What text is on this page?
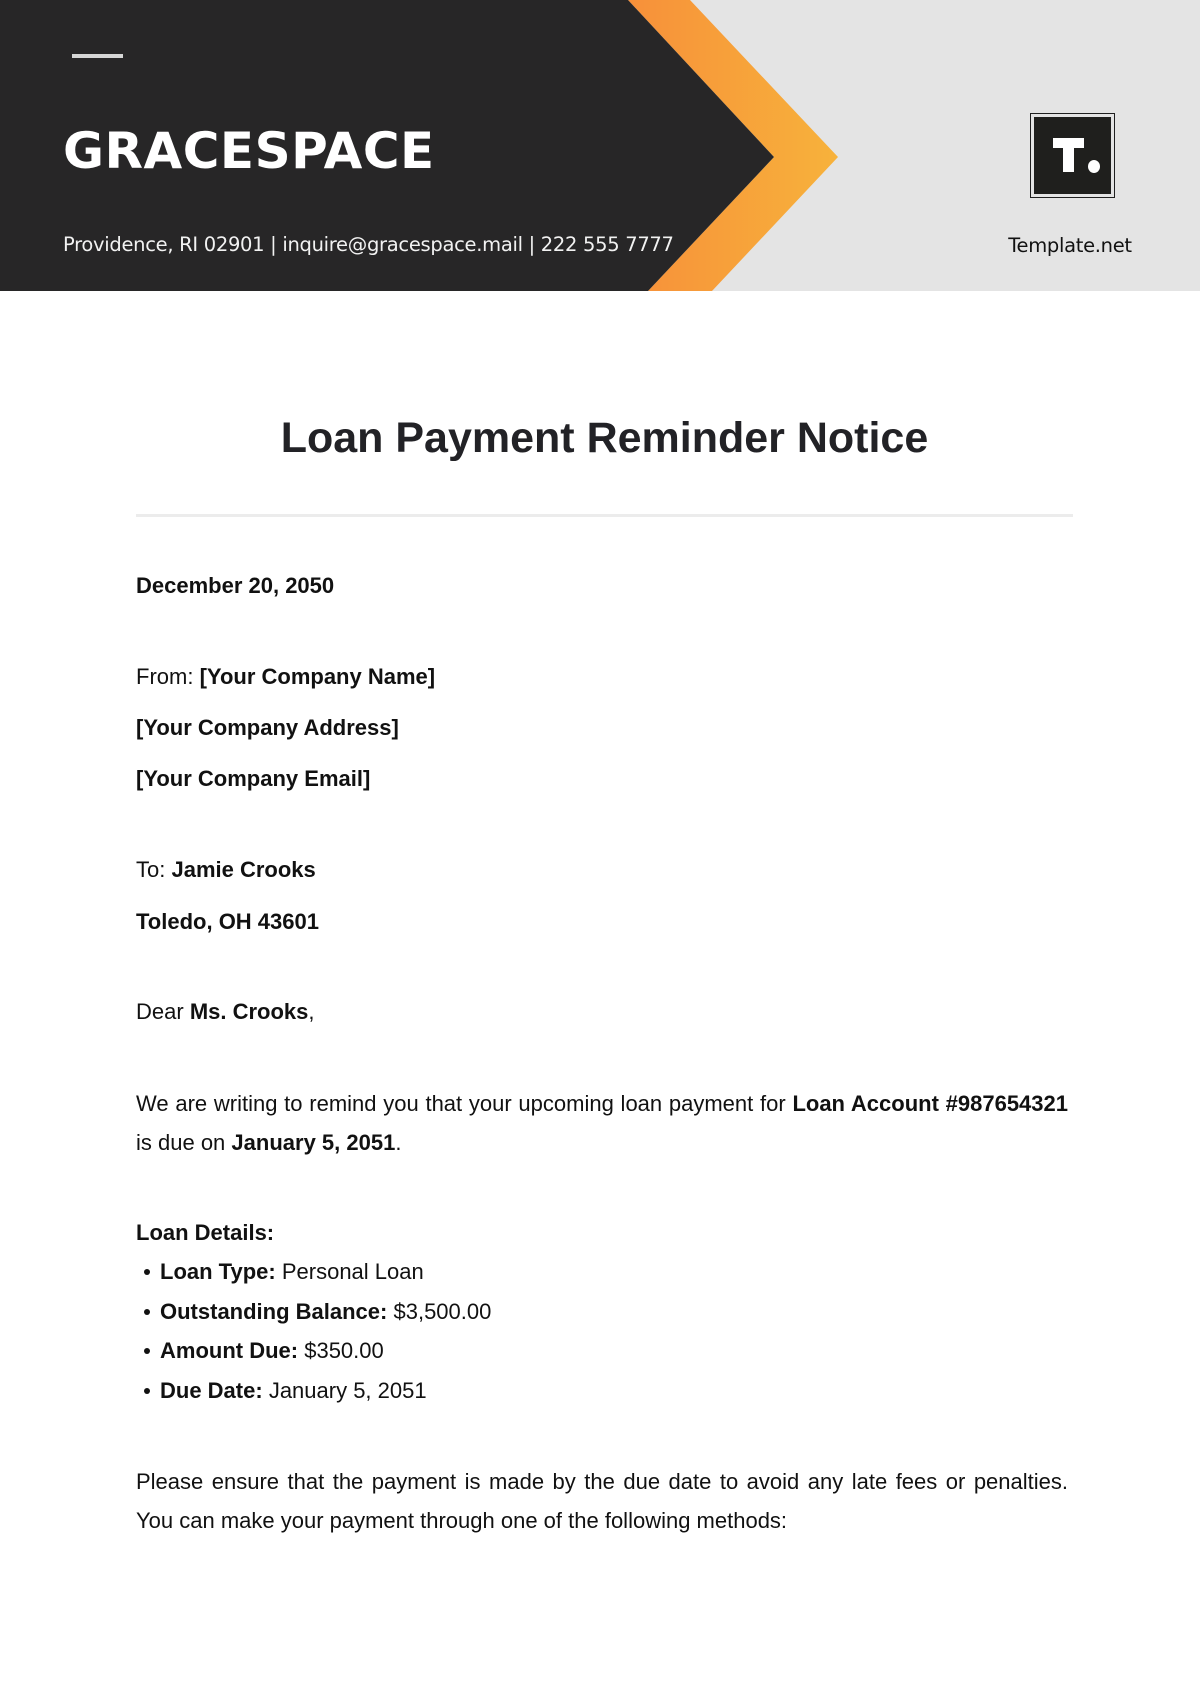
GRACESPACE
Providence, RI 02901 | inquire@gracespace.mail | 222 555 7777	Template.net
Loan Payment Reminder Notice
December 20, 2050
From: [Your Company Name]
[Your Company Address]
[Your Company Email]
To: Jamie Crooks
Toledo, OH 43601
Dear Ms. Crooks,
We are writing to remind you that your upcoming loan payment for Loan Account #987654321 is due on January 5, 2051.
Loan Details:
Loan Type: Personal Loan
Outstanding Balance: $3,500.00
Amount Due: $350.00
Due Date: January 5, 2051
Please ensure that the payment is made by the due date to avoid any late fees or penalties. You can make your payment through one of the following methods:
